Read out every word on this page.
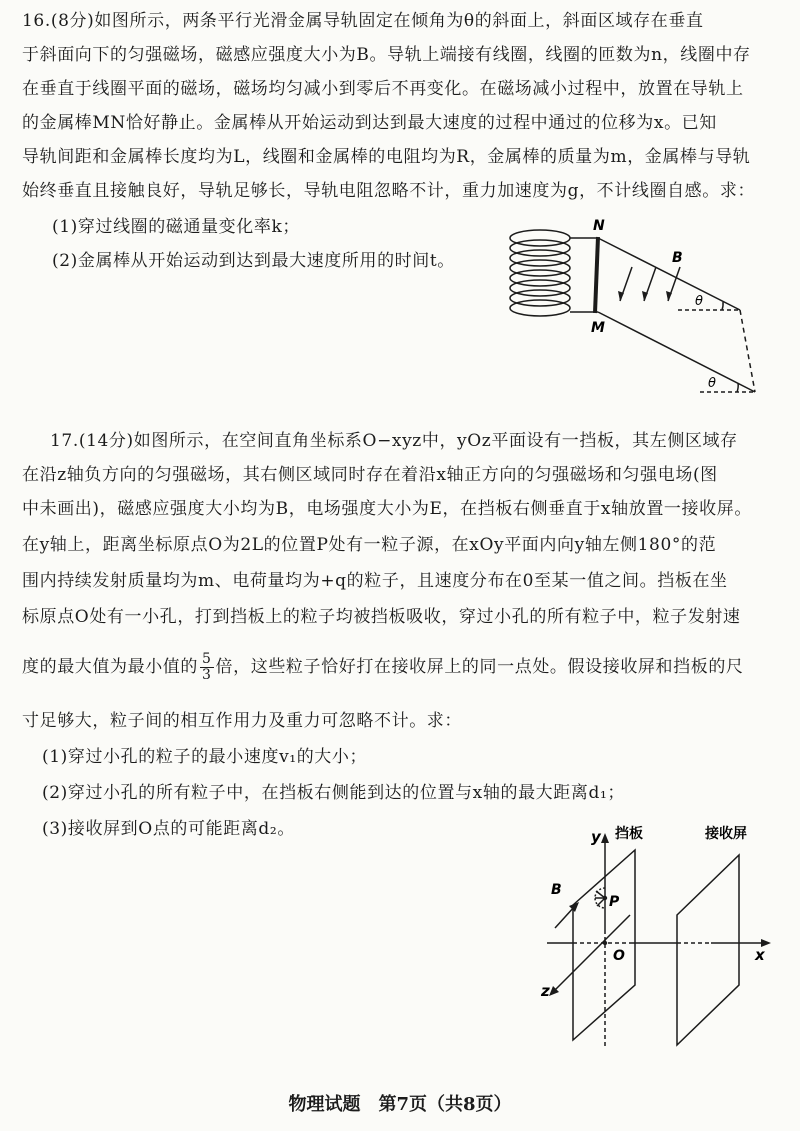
16.(8分)如图所示，两条平行光滑金属导轨固定在倾角为θ的斜面上，斜面区域存在垂直
于斜面向下的匀强磁场，磁感应强度大小为B。导轨上端接有线圈，线圈的匝数为n，线圈中存
在垂直于线圈平面的磁场，磁场均匀减小到零后不再变化。在磁场减小过程中，放置在导轨上
的金属棒MN恰好静止。金属棒从开始运动到达到最大速度的过程中通过的位移为x。已知
导轨间距和金属棒长度均为L，线圈和金属棒的电阻均为R，金属棒的质量为m，金属棒与导轨
始终垂直且接触良好，导轨足够长，导轨电阻忽略不计，重力加速度为g，不计线圈自感。求：
(1)穿过线圈的磁通量变化率k；
(2)金属棒从开始运动到达到最大速度所用的时间t。
N
M
B
θ
θ
17.(14分)如图所示，在空间直角坐标系O−xyz中，yOz平面设有一挡板，其左侧区域存
在沿z轴负方向的匀强磁场，其右侧区域同时存在着沿x轴正方向的匀强磁场和匀强电场(图
中未画出)，磁感应强度大小均为B，电场强度大小为E，在挡板右侧垂直于x轴放置一接收屏。
在y轴上，距离坐标原点O为2L的位置P处有一粒子源，在xOy平面内向y轴左侧180°的范
围内持续发射质量均为m、电荷量均为+q的粒子，且速度分布在0至某一值之间。挡板在坐
标原点O处有一小孔，打到挡板上的粒子均被挡板吸收，穿过小孔的所有粒子中，粒子发射速
度的最大值为最小值的 $\frac{5}{3}$ 倍，这些粒子恰好打在接收屏上的同一点处。假设接收屏和挡板的尺
寸足够大，粒子间的相互作用力及重力可忽略不计。求：
(1)穿过小孔的粒子的最小速度v₁的大小；
(2)穿过小孔的所有粒子中，在挡板右侧能到达的位置与x轴的最大距离d₁；
(3)接收屏到O点的可能距离d₂。	y 挡板	接收屏
B
P
O	x
z
物理试题　第7页（共8页）
